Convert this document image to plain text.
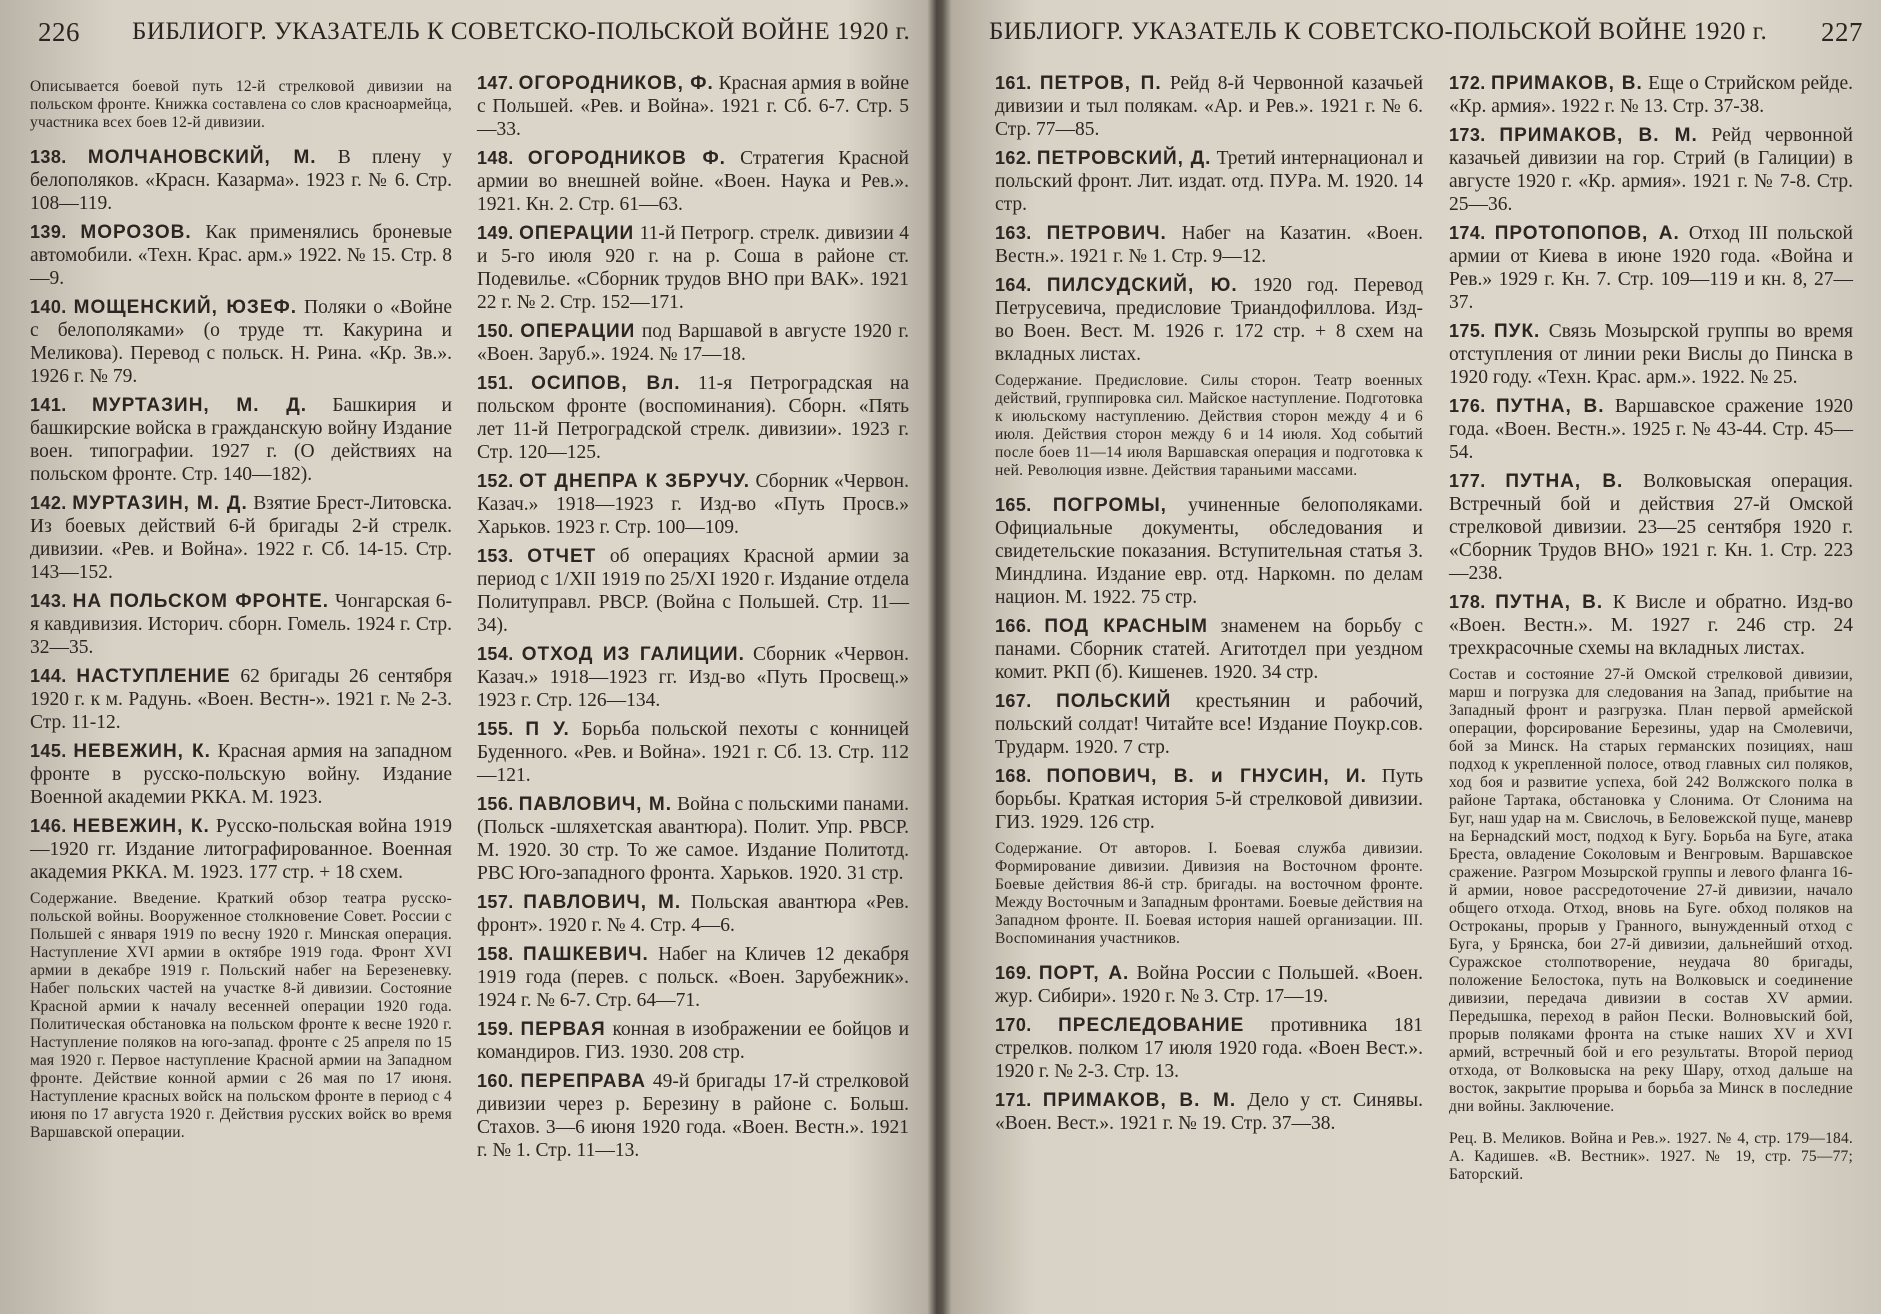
226 БИБЛИОГР. УКАЗАТЕЛЬ К СОВЕТСКО-ПОЛЬСКОЙ ВОЙНЕ 1920 г.

Описывается боевой путь 12-й стрелковой дивизии на польском фронте. Книжка составлена со слов красноармейца, участника всех боев 12-й дивизии.

138. МОЛЧАНОВСКИЙ, М. В плену у белополяков. «Красн. Казарма». 1923 г. № 6. Стр. 108—119.

139. МОРОЗОВ. Как применялись броневые автомобили. «Техн. Крас. арм.» 1922. № 15. Стр. 8—9.

140. МОЩЕНСКИЙ, ЮЗЕФ. Поляки о «Войне с белополяками» (о труде тт. Какурина и Меликова). Перевод с польск. Н. Рина. «Кр. Зв.». 1926 г. № 79.

141. МУРТАЗИН, М. Д. Башкирия и башкирские войска в гражданскую войну Издание воен. типографии. 1927 г. (О действиях на польском фронте. Стр. 140—182).

142. МУРТАЗИН, М. Д. Взятие Брест-Литовска. Из боевых действий 6-й бригады 2-й стрелк. дивизии. «Рев. и Война». 1922 г. Сб. 14-15. Стр. 143—152.

143. НА ПОЛЬСКОМ ФРОНТЕ. Чонгарская 6-я кавдивизия. Историч. сборн. Гомель. 1924 г. Стр. 32—35.

144. НАСТУПЛЕНИЕ 62 бригады 26 сентября 1920 г. к м. Радунь. «Воен. Вестн-». 1921 г. № 2-3. Стр. 11-12.

145. НЕВЕЖИН, К. Красная армия на западном фронте в русско-польскую войну. Издание Военной академии РККА. М. 1923.

146. НЕВЕЖИН, К. Русско-польская война 1919—1920 гг. Издание литографированное. Военная академия РККА. М. 1923. 177 стр. + 18 схем.

Содержание. Введение. Краткий обзор театра русско-польской войны. Вооруженное столкновение Совет. России с Польшей с января 1919 по весну 1920 г. Минская операция. Наступление XVI армии в октябре 1919 года. Фронт XVI армии в декабре 1919 г. Польский набег на Березеневку. Набег польских частей на участке 8-й дивизии. Состояние Красной армии к началу весенней операции 1920 года. Политическая обстановка на польском фронте к весне 1920 г. Наступление поляков на юго-запад. фронте с 25 апреля по 15 мая 1920 г. Первое наступление Красной армии на Западном фронте. Действие конной армии с 26 мая по 17 июня. Наступление красных войск на польском фронте в период с 4 июня по 17 августа 1920 г. Действия русских войск во время Варшавской операции.

147. ОГОРОДНИКОВ, Ф. Красная армия в войне с Польшей. «Рев. и Война». 1921 г. Сб. 6-7. Стр. 5—33.

148. ОГОРОДНИКОВ Ф. Стратегия Красной армии во внешней войне. «Воен. Наука и Рев.». 1921. Кн. 2. Стр. 61—63.

149. ОПЕРАЦИИ 11-й Петрогр. стрелк. дивизии 4 и 5-го июля 920 г. на р. Соша в районе ст. Подевилье. «Сборник трудов ВНО при ВАК». 1921 22 г. № 2. Стр. 152—171.

150. ОПЕРАЦИИ под Варшавой в августе 1920 г. «Воен. Заруб.». 1924. № 17—18.

151. ОСИПОВ, Вл. 11-я Петроградская на польском фронте (воспоминания). Сборн. «Пять лет 11-й Петроградской стрелк. дивизии». 1923 г. Стр. 120—125.

152. ОТ ДНЕПРА К ЗБРУЧУ. Сборник «Червон. Казач.» 1918—1923 г. Изд-во «Путь Просв.» Харьков. 1923 г. Стр. 100—109.

153. ОТЧЕТ об операциях Красной армии за период с 1/XII 1919 по 25/XI 1920 г. Издание отдела Политуправл. РВСР. (Война с Польшей. Стр. 11—34).

154. ОТХОД ИЗ ГАЛИЦИИ. Сборник «Червон. Казач.» 1918—1923 гг. Изд-во «Путь Просвещ.» 1923 г. Стр. 126—134.

155. П У. Борьба польской пехоты с конницей Буденного. «Рев. и Война». 1921 г. Сб. 13. Стр. 112—121.

156. ПАВЛОВИЧ, М. Война с польскими панами. (Польск -шляхетская авантюра). Полит. Упр. РВСР. М. 1920. 30 стр. То же самое. Издание Политотд. РВС Юго-западного фронта. Харьков. 1920. 31 стр.

157. ПАВЛОВИЧ, М. Польская авантюра «Рев. фронт». 1920 г. № 4. Стр. 4—6.

158. ПАШКЕВИЧ. Набег на Кличев 12 декабря 1919 года (перев. с польск. «Воен. Зарубежник». 1924 г. № 6-7. Стр. 64—71.

159. ПЕРВАЯ конная в изображении ее бойцов и командиров. ГИЗ. 1930. 208 стр.

160. ПЕРЕПРАВА 49-й бригады 17-й стрелковой дивизии через р. Березину в районе с. Больш. Стахов. 3—6 июня 1920 года. «Воен. Вестн.». 1921 г. № 1. Стр. 11—13.

БИБЛИОГР. УКАЗАТЕЛЬ К СОВЕТСКО-ПОЛЬСКОЙ ВОЙНЕ 1920 г. 227

161. ПЕТРОВ, П. Рейд 8-й Червонной казачьей дивизии и тыл полякам. «Ар. и Рев.». 1921 г. № 6. Стр. 77—85.

162. ПЕТРОВСКИЙ, Д. Третий интернационал и польский фронт. Лит. издат. отд. ПУРа. М. 1920. 14 стр.

163. ПЕТРОВИЧ. Набег на Казатин. «Воен. Вестн.». 1921 г. № 1. Стр. 9—12.

164. ПИЛСУДСКИЙ, Ю. 1920 год. Перевод Петрусевича, предисловие Триандофиллова. Изд-во Воен. Вест. М. 1926 г. 172 стр. + 8 схем на вкладных листах.

Содержание. Предисловие. Силы сторон. Театр военных действий, группировка сил. Майское наступление. Подготовка к июльскому наступлению. Действия сторон между 4 и 6 июля. Действия сторон между 6 и 14 июля. Ход событий после боев 11—14 июля Варшавская операция и подготовка к ней. Революция извне. Действия тараньими массами.

165. ПОГРОМЫ, учиненные белополяками. Официальные документы, обследования и свидетельские показания. Вступительная статья З. Миндлина. Издание евр. отд. Наркомн. по делам национ. М. 1922. 75 стр.

166. ПОД КРАСНЫМ знаменем на борьбу с панами. Сборник статей. Агитотдел при уездном комит. РКП (б). Кишенев. 1920. 34 стр.

167. ПОЛЬСКИЙ крестьянин и рабочий, польский солдат! Читайте все! Издание Поукр.сов. Трударм. 1920. 7 стр.

168. ПОПОВИЧ, В. и ГНУСИН, И. Путь борьбы. Краткая история 5-й стрелковой дивизии. ГИЗ. 1929. 126 стр.

Содержание. От авторов. I. Боевая служба дивизии. Формирование дивизии. Дивизия на Восточном фронте. Боевые действия 86-й стр. бригады. на восточном фронте. Между Восточным и Западным фронтами. Боевые действия на Западном фронте. II. Боевая история нашей организации. III. Воспоминания участников.

169. ПОРТ, А. Война России с Польшей. «Воен. жур. Сибири». 1920 г. № 3. Стр. 17—19.

170. ПРЕСЛЕДОВАНИЕ противника 181 стрелков. полком 17 июля 1920 года. «Воен Вест.». 1920 г. № 2-3. Стр. 13.

171. ПРИМАКОВ, В. М. Дело у ст. Синявы. «Воен. Вест.». 1921 г. № 19. Стр. 37—38.

172. ПРИМАКОВ, В. Еще о Стрийском рейде. «Кр. армия». 1922 г. № 13. Стр. 37-38.

173. ПРИМАКОВ, В. М. Рейд червонной казачьей дивизии на гор. Стрий (в Галиции) в августе 1920 г. «Кр. армия». 1921 г. № 7-8. Стр. 25—36.

174. ПРОТОПОПОВ, А. Отход III польской армии от Киева в июне 1920 года. «Война и Рев.» 1929 г. Кн. 7. Стр. 109—119 и кн. 8, 27—37.

175. ПУК. Связь Мозырской группы во время отступления от линии реки Вислы до Пинска в 1920 году. «Техн. Крас. арм.». 1922. № 25.

176. ПУТНА, В. Варшавское сражение 1920 года. «Воен. Вестн.». 1925 г. № 43-44. Стр. 45—54.

177. ПУТНА, В. Волковыская операция. Встречный бой и действия 27-й Омской стрелковой дивизии. 23—25 сентября 1920 г. «Сборник Трудов ВНО» 1921 г. Кн. 1. Стр. 223—238.

178. ПУТНА, В. К Висле и обратно. Изд-во «Воен. Вестн.». М. 1927 г. 246 стр. 24 трехкрасочные схемы на вкладных листах.

Состав и состояние 27-й Омской стрелковой дивизии, марш и погрузка для следования на Запад, прибытие на Западный фронт и разгрузка. План первой армейской операции, форсирование Березины, удар на Смолевичи, бой за Минск. На старых германских позициях, наш подход к укрепленной полосе, отвод главных сил поляков, ход боя и развитие успеха, бой 242 Волжского полка в районе Тартака, обстановка у Слонима. От Слонима на Буг, наш удар на м. Свислочь, в Беловежской пуще, маневр на Бернадский мост, подход к Бугу. Борьба на Буге, атака Бреста, овладение Соколовым и Венгровым. Варшавское сражение. Разгром Мозырской группы и левого фланга 16-й армии, новое рассредоточение 27-й дивизии, начало общего отхода. Отход, вновь на Буге. обход поляков на Остроканы, прорыв у Гранного, вынужденный отход с Буга, у Брянска, бои 27-й дивизии, дальнейший отход. Суражское столпотворение, неудача 80 бригады, положение Белостока, путь на Волковыск и соединение дивизии, передача дивизии в состав XV армии. Передышка, переход в район Пески. Волновыский бой, прорыв поляками фронта на стыке наших XV и XVI армий, встречный бой и его результаты. Второй период отхода, от Волковыска на реку Шару, отход дальше на восток, закрытие прорыва и борьба за Минск в последние дни войны. Заключение.

Рец. В. Меликов. Война и Рев.». 1927. № 4, стр. 179—184. А. Кадишев. «В. Вестник». 1927. № 19, стр. 75—77; Баторский.
